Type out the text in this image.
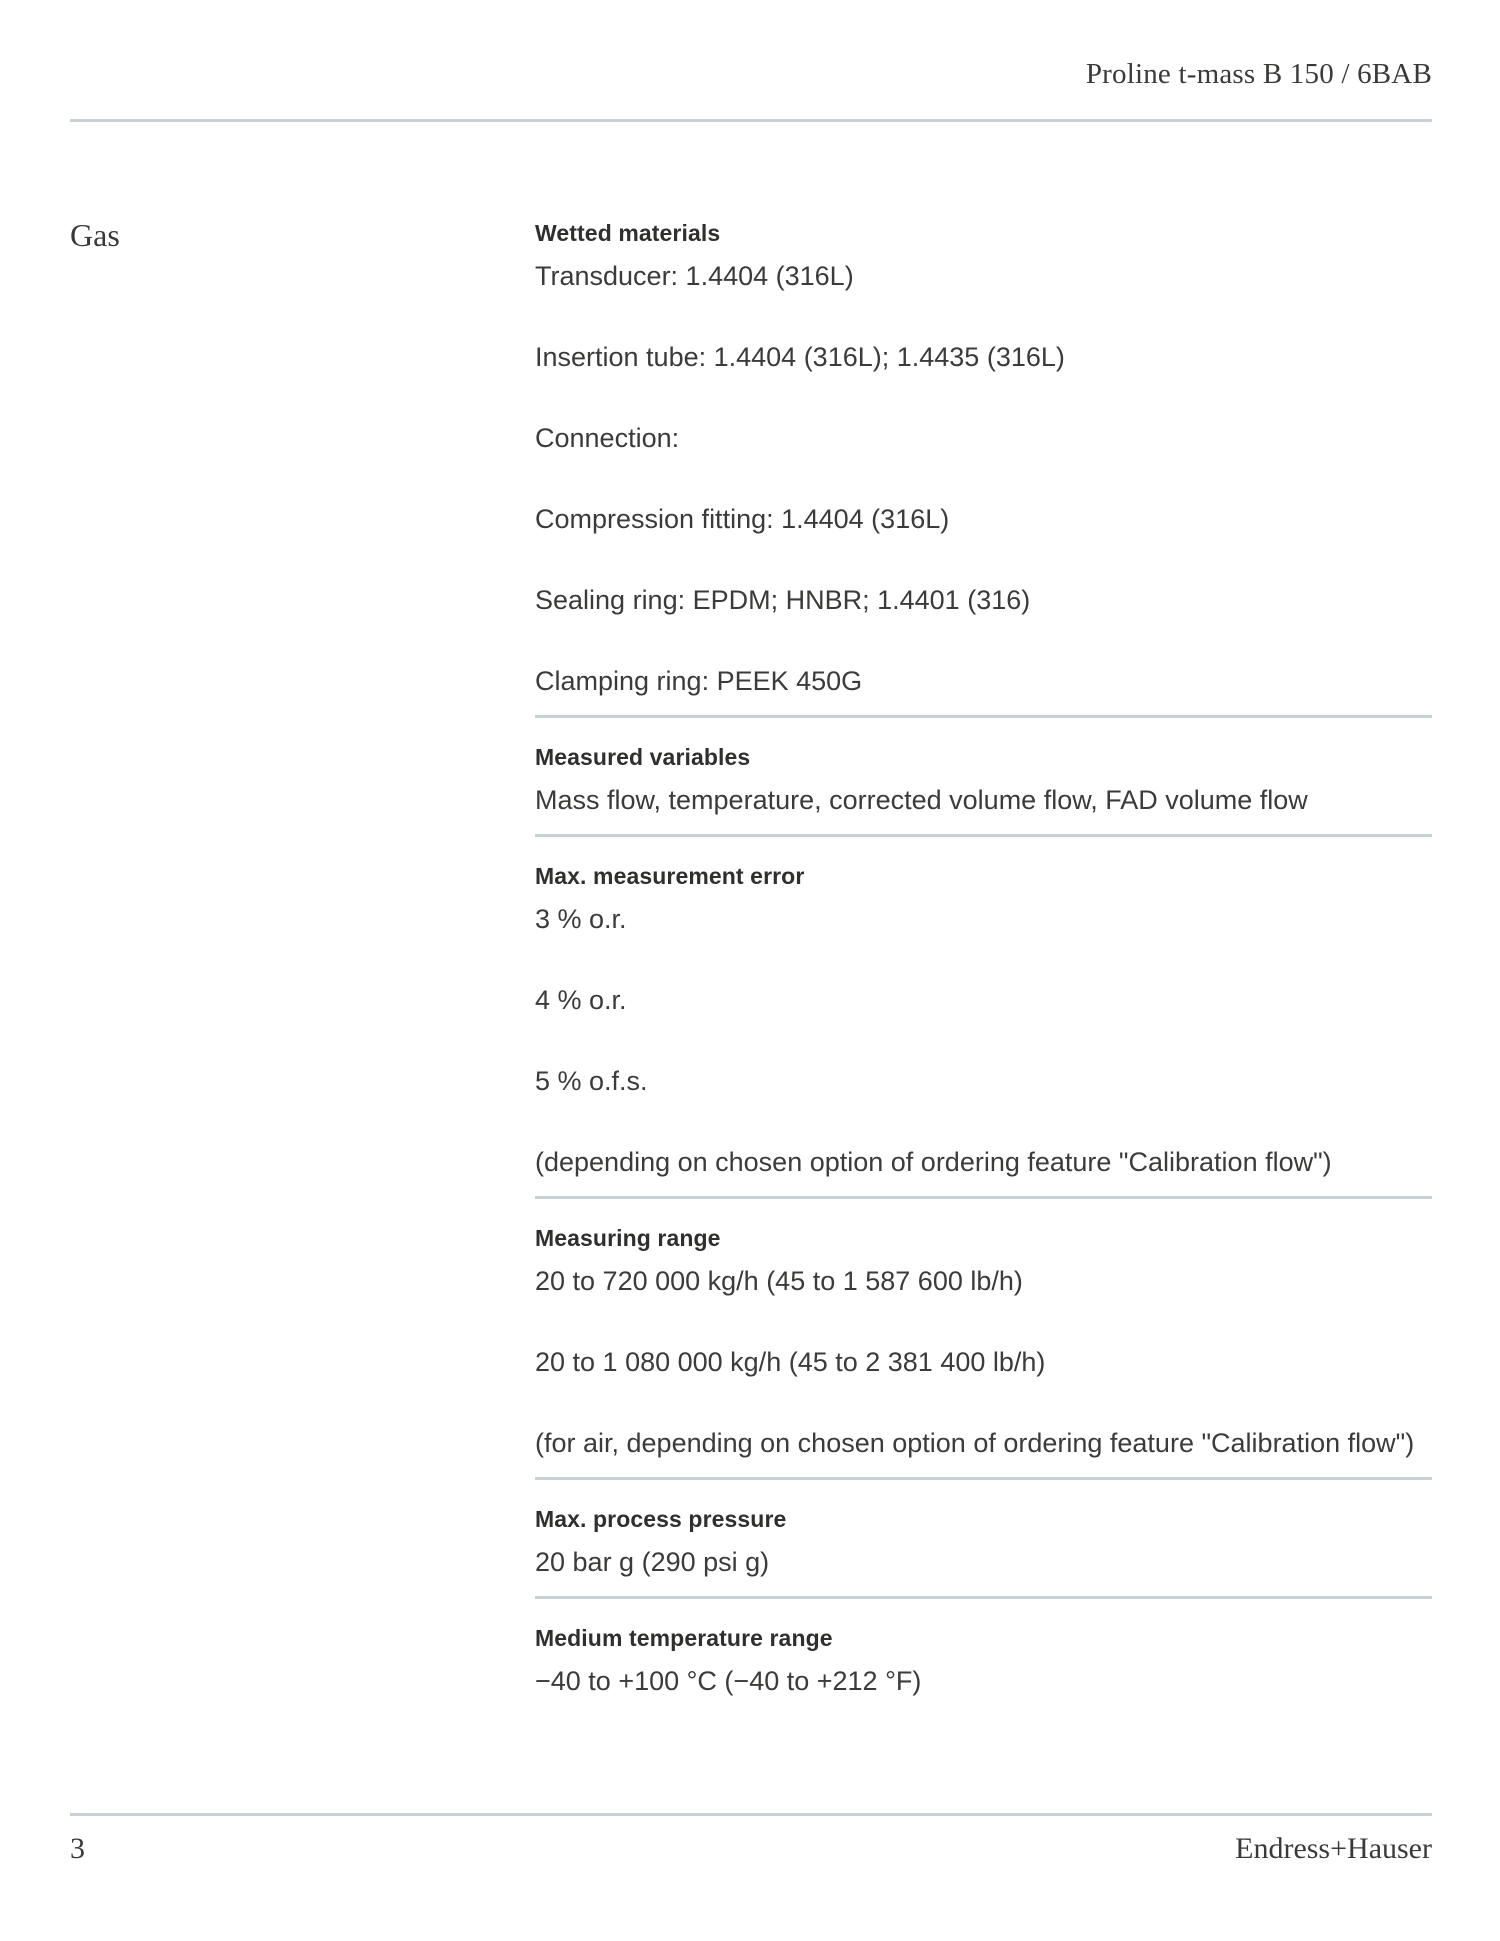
Proline t-mass B 150 / 6BAB
Gas	Wetted materials

Transducer: 1.4404 (316L)

Insertion tube: 1.4404 (316L); 1.4435 (316L)

Connection:

Compression fitting: 1.4404 (316L)

Sealing ring: EPDM; HNBR; 1.4401 (316)

Clamping ring: PEEK 450G

Measured variables

Mass flow, temperature, corrected volume flow, FAD volume flow

Max. measurement error

3 % o.r.

4 % o.r.

5 % o.f.s.

(depending on chosen option of ordering feature "Calibration flow")

Measuring range

20 to 720 000 kg/h (45 to 1 587 600 lb/h)

20 to 1 080 000 kg/h (45 to 2 381 400 lb/h)

(for air, depending on chosen option of ordering feature "Calibration flow")

Max. process pressure

20 bar g (290 psi g)

Medium temperature range

−40 to +100 °C (−40 to +212 °F)

3	Endress+Hauser
